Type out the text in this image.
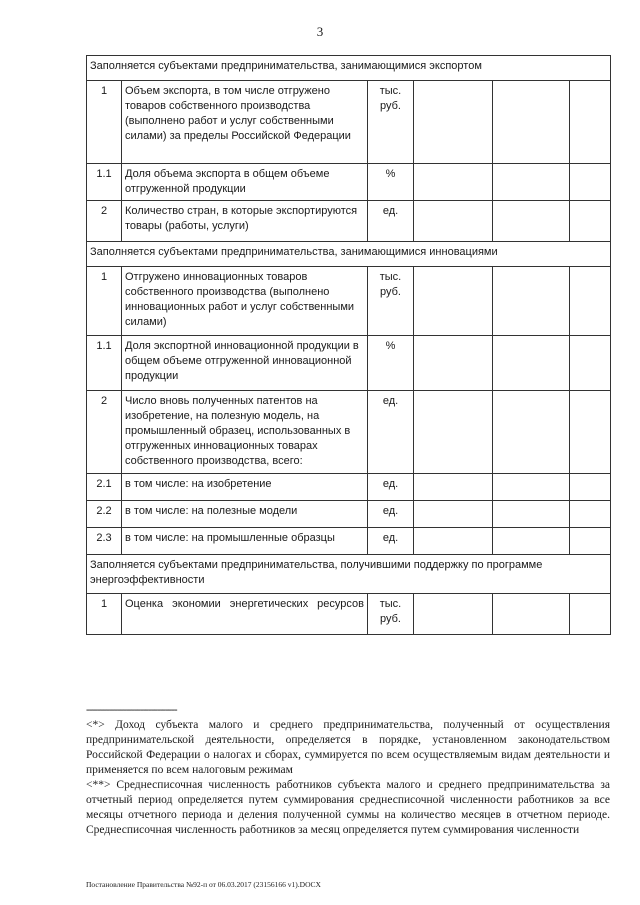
3
Заполняется субъектами предпринимательства, занимающимися экспортом					
1	Объем экспорта, в том числе отгружено товаров собственного производства (выполнено работ и услуг собственными силами) за пределы Российской Федерации	тыс. руб.			
1.1	Доля объема экспорта в общем объеме отгруженной продукции	%			
2	Количество стран, в которые экспортируются товары (работы, услуги)	ед.			
Заполняется субъектами предпринимательства, занимающимися инновациями					
1	Отгружено инновационных товаров собственного производства (выполнено инновационных работ и услуг собственными силами)	тыс. руб.			
1.1	Доля экспортной инновационной продукции в общем объеме отгруженной инновационной продукции	%			
2	Число вновь полученных патентов на изобретение, на полезную модель, на промышленный образец, использованных в отгруженных инновационных товарах собственного производства, всего:	ед.			
2.1	в том числе: на изобретение	ед.			
2.2	в том числе: на полезные модели	ед.			
2.3	в том числе: на промышленные образцы	ед.			
Заполняется субъектами предпринимательства, получившими поддержку по программе энергоэффективности					
1	Оценка экономии энергетических ресурсов	тыс. руб.			

--------------------------------

<*> Доход субъекта малого и среднего предпринимательства, полученный от осуществления предпринимательской деятельности, определяется в порядке, установленном законодательством Российской Федерации о налогах и сборах, суммируется по всем осуществляемым видам деятельности и применяется по всем налоговым режимам

<**> Среднесписочная численность работников субъекта малого и среднего предпринимательства за отчетный период определяется путем суммирования среднесписочной численности работников за все месяцы отчетного периода и деления полученной суммы на количество месяцев в отчетном периоде. Среднесписочная численность работников за месяц определяется путем суммирования численности

Постановление Правительства №92-п от 06.03.2017 (23156166 v1).DOCX
